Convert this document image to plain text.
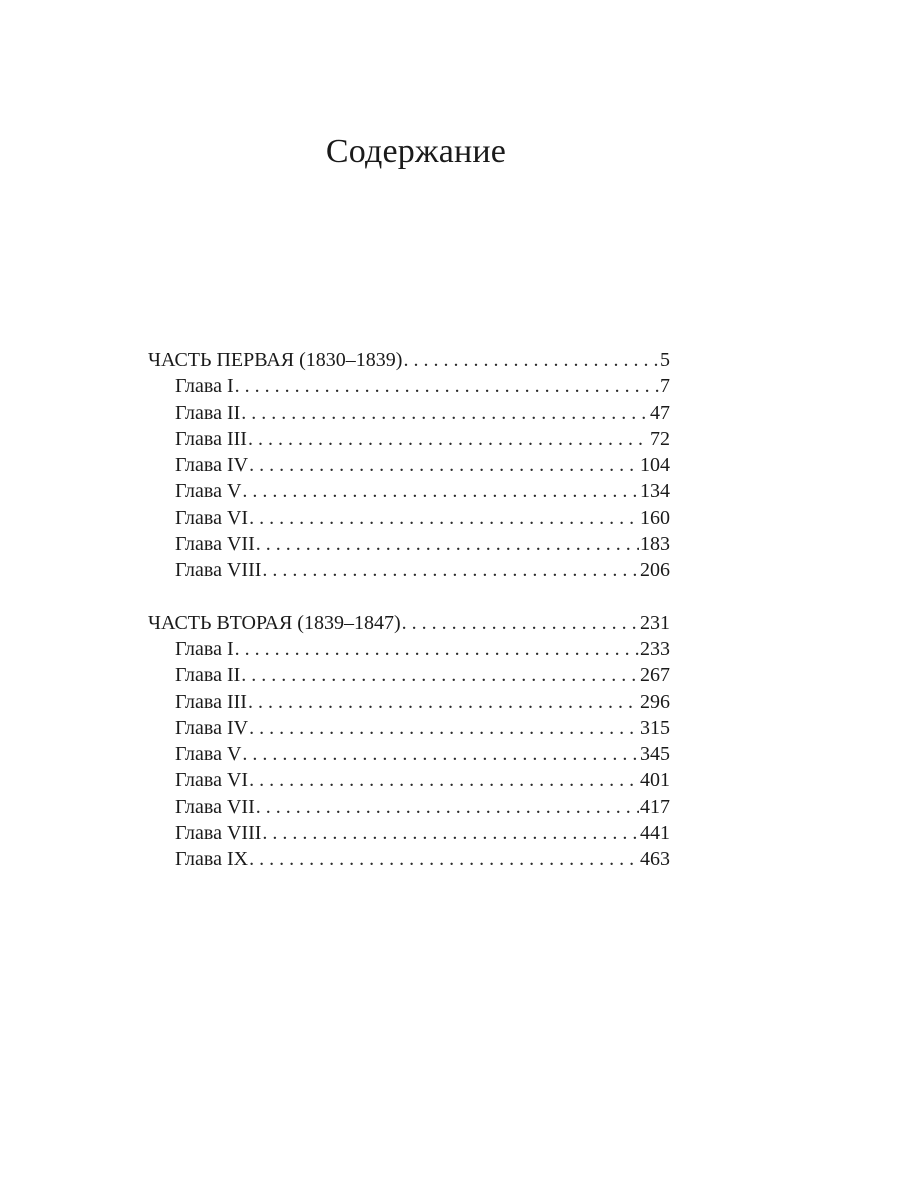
Содержание
ЧАСТЬ ПЕРВАЯ (1830–1839) . . .	5
Глава I . . .	7
Глава II . . .	47
Глава III . . .	72
Глава IV . . .	104
Глава V . . .	134
Глава VI . . .	160
Глава VII . . .	183
Глава VIII . . .	206
ЧАСТЬ ВТОРАЯ (1839–1847) . . .	231
Глава I . . .	233
Глава II . . .	267
Глава III . . .	296
Глава IV . . .	315
Глава V . . .	345
Глава VI . . .	401
Глава VII . . .	417
Глава VIII . . .	441
Глава IX . . .	463
